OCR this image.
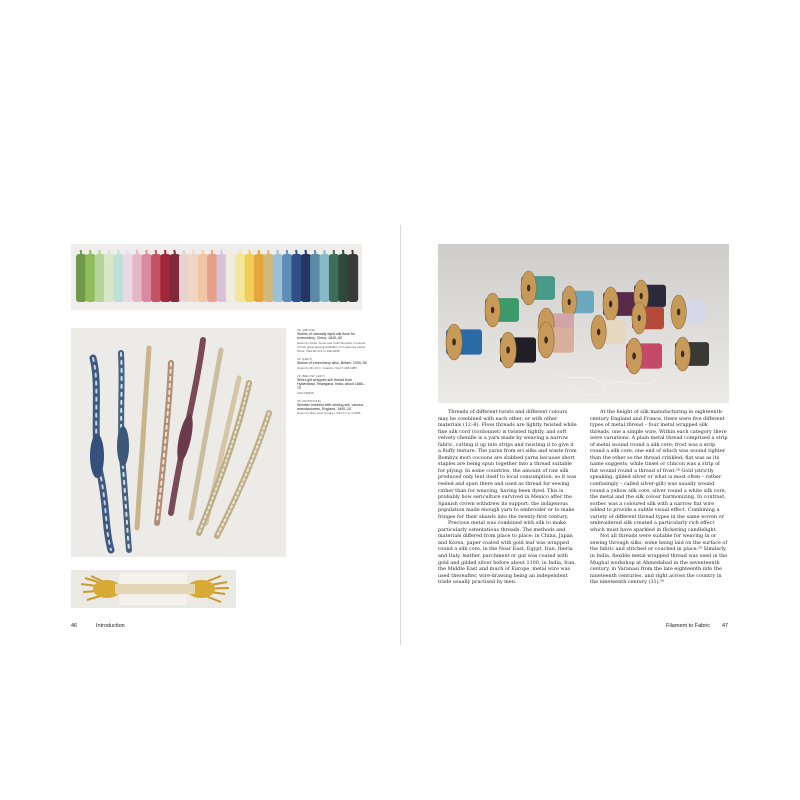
26 (ABOVE)
Skeins of naturally dyed silk floss for embroidery, China, 1840–50
Given by Janet, Annie and Colin Simpson in honour of their great-great-grandfather, Dr Lawrence Huber Pinks. V&A FE.472 to 10E-2006
28 (LEFT)
Skeins of embroidery silks, Britain, 1900–50
Given by Mrs M.C. Graham. V&A T.438-1985
29 (BELOW LEFT)
Silver-gilt wrapped silk thread from Hyderabad, Telangana, India, about 1880–70
V&A 0364/IS
30 (OPPOSITE)
Wooden bobbins with sewing silk, various manufacturers, England, 1840–20
Given by Miss Jane Gregory. V&A T.4 to 4-1996
46	Introduction

Threads of different twists and different colours may be combined with each other, or with other materials (12–8). Floss threads are lightly twisted while fine silk cord (cordonnet) is twisted tightly, and soft velvety chenille is a yarn made by weaving a narrow fabric, cutting it up into strips and twisting it to give it a fluffy texture. The yarns from eri silks and waste from Bombyx mori cocoons are slubbed yarns because short staples are being spun together into a thread suitable for plying. In some countries, the amount of raw silk produced only lent itself to local consumption, so it was reeled and spun there and used as thread for sewing rather than for weaving, having been dyed. This is probably how sericulture survived in Mexico after the Spanish crown withdrew its support: the indigenous population made enough yarn to embroider or to make fringes for their shawls into the twenty-first century.

Precious metal was combined with silk to make particularly ostentatious threads. The methods and materials differed from place to place: in China, Japan and Korea, paper coated with gold leaf was wrapped round a silk core, in the Near East, Egypt, Iran, Iberia and Italy, leather, parchment or gut was coated with gold and gilded silver before about 1100, in India, Iran, the Middle East and much of Europe, metal wire was used thereafter, wire-drawing being an independent trade usually practised by men.

At the height of silk manufacturing in eighteenth-century England and France, there were five different types of metal thread – four metal wrapped silk threads, one a simple wire. Within each category there were variations. A plain metal thread comprised a strip of metal wound round a silk core; frost was a strip round a silk core, one end of which was wound tighter than the other so the thread crinkled; flat was as its name suggests, while tinsel or clincon was a strip of flat wound round a thread of frost.²⁸ Gold (strictly speaking, gilded silver or what is most often – rather confusingly – called silver-gilt) was usually wound round a yellow silk core, silver round a white silk core, the metal and the silk colour harmonizing. In contrast, sorbec was a coloured silk with a narrow flat wire added to provide a subtle visual effect. Combining a variety of different thread types in the same woven or embroidered silk created a particularly rich effect which must have sparkled in flickering candlelight.

Not all threads were suitable for weaving in or sewing through silks, some being laid on the surface of the fabric and stitched or couched in place.²⁹ Similarly, in India, flexible metal wrapped thread was used in the Mughal workshop at Ahmedabad in the seventeenth century, in Varanasi from the late eighteenth into the nineteenth centuries, and right across the country in the nineteenth century (31).³⁰

Filament to Fabric 47
